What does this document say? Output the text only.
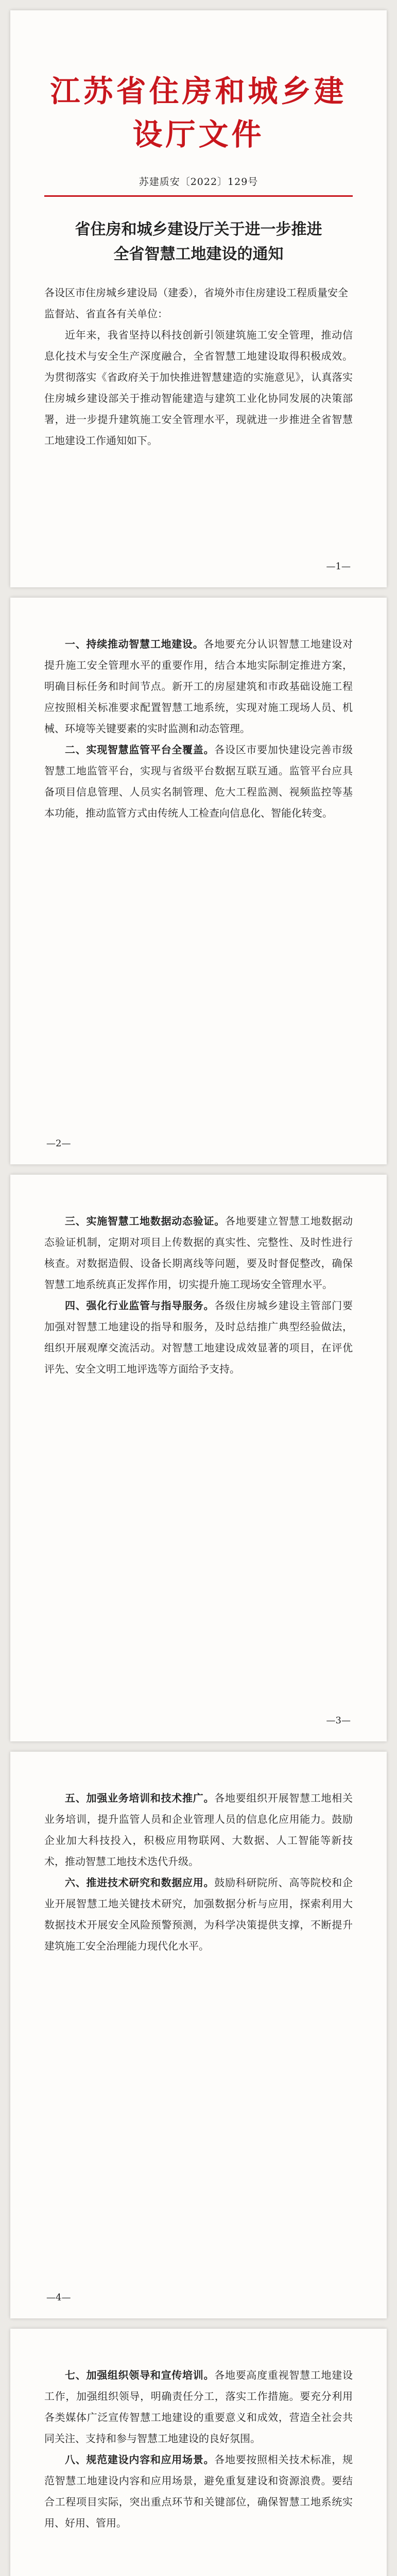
江苏省住房和城乡建设厅文件
苏建质安〔2022〕129号
省住房和城乡建设厅关于进一步推进
全省智慧工地建设的通知

各设区市住房城乡建设局（建委），省境外市住房建设工程质量安全监督站、省直各有关单位：

近年来，我省坚持以科技创新引领建筑施工安全管理，推动信息化技术与安全生产深度融合，全省智慧工地建设取得积极成效。为贯彻落实《省政府关于加快推进智慧建造的实施意见》，认真落实住房城乡建设部关于推动智能建造与建筑工业化协同发展的决策部署，进一步提升建筑施工安全管理水平，现就进一步推进全省智慧工地建设工作通知如下。

—1—

一、持续推动智慧工地建设。各地要充分认识智慧工地建设对提升施工安全管理水平的重要作用，结合本地实际制定推进方案，明确目标任务和时间节点。新开工的房屋建筑和市政基础设施工程应按照相关标准要求配置智慧工地系统，实现对施工现场人员、机械、环境等关键要素的实时监测和动态管理。

二、实现智慧监管平台全覆盖。各设区市要加快建设完善市级智慧工地监管平台，实现与省级平台数据互联互通。监管平台应具备项目信息管理、人员实名制管理、危大工程监测、视频监控等基本功能，推动监管方式由传统人工检查向信息化、智能化转变。

—2—

三、实施智慧工地数据动态验证。各地要建立智慧工地数据动态验证机制，定期对项目上传数据的真实性、完整性、及时性进行核查。对数据造假、设备长期离线等问题，要及时督促整改，确保智慧工地系统真正发挥作用，切实提升施工现场安全管理水平。

四、强化行业监管与指导服务。各级住房城乡建设主管部门要加强对智慧工地建设的指导和服务，及时总结推广典型经验做法，组织开展观摩交流活动。对智慧工地建设成效显著的项目，在评优评先、安全文明工地评选等方面给予支持。

—3—

五、加强业务培训和技术推广。各地要组织开展智慧工地相关业务培训，提升监管人员和企业管理人员的信息化应用能力。鼓励企业加大科技投入，积极应用物联网、大数据、人工智能等新技术，推动智慧工地技术迭代升级。

六、推进技术研究和数据应用。鼓励科研院所、高等院校和企业开展智慧工地关键技术研究，加强数据分析与应用，探索利用大数据技术开展安全风险预警预测，为科学决策提供支撑，不断提升建筑施工安全治理能力现代化水平。

—4—

七、加强组织领导和宣传培训。各地要高度重视智慧工地建设工作，加强组织领导，明确责任分工，落实工作措施。要充分利用各类媒体广泛宣传智慧工地建设的重要意义和成效，营造全社会共同关注、支持和参与智慧工地建设的良好氛围。

八、规范建设内容和应用场景。各地要按照相关技术标准，规范智慧工地建设内容和应用场景，避免重复建设和资源浪费。要结合工程项目实际，突出重点环节和关键部位，确保智慧工地系统实用、好用、管用。
